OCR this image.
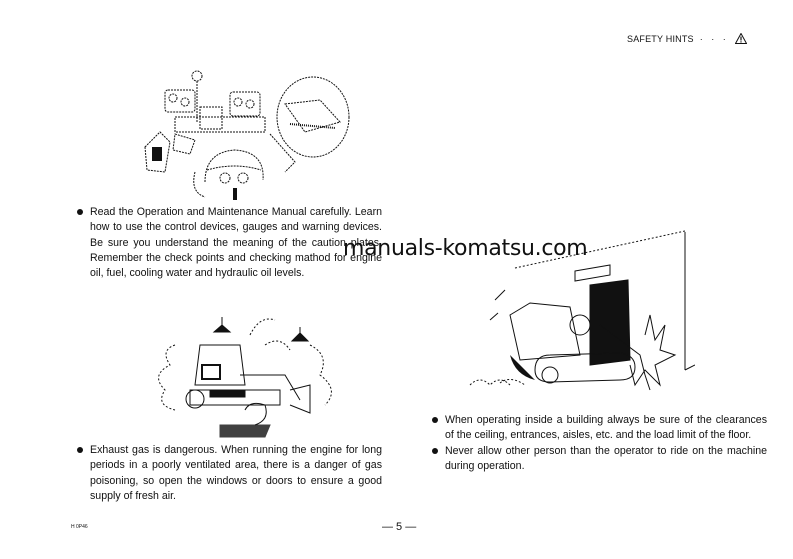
SAFETY HINTS · · ·
Read the Operation and Maintenance Manual carefully. Learn how to use the control devices, gauges and warning devices. Be sure you understand the meaning of the caution plates. Remember the check points and checking mathod for engine oil, fuel, cooling water and hydraulic oil levels.
manuals-komatsu.com
Exhaust gas is dangerous. When running the engine for long periods in a poorly ventilated area, there is a danger of gas poisoning, so open the windows or doors to ensure a good supply of fresh air.
When operating inside a building always be sure of the clearances of the ceiling, entrances, aisles, etc. and the load limit of the floor.
Never allow other person than the operator to ride on the machine during operation.
H 0P46	— 5 —
